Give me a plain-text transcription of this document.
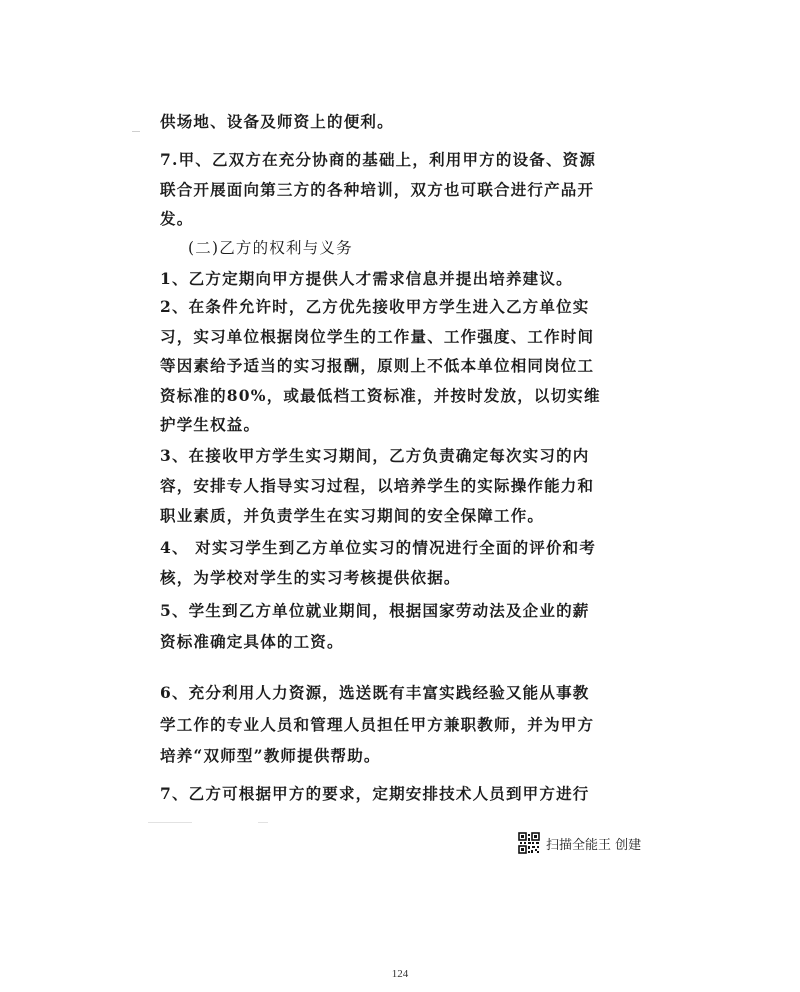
供场地、设备及师资上的便利。
7.甲、乙双方在充分协商的基础上，利用甲方的设备、资源
联合开展面向第三方的各种培训，双方也可联合进行产品开
发。
(二)乙方的权利与义务
1、乙方定期向甲方提供人才需求信息并提出培养建议。
2、在条件允许时，乙方优先接收甲方学生进入乙方单位实
习，实习单位根据岗位学生的工作量、工作强度、工作时间
等因素给予适当的实习报酬，原则上不低本单位相同岗位工
资标准的80%，或最低档工资标准，并按时发放，以切实维
护学生权益。
3、在接收甲方学生实习期间，乙方负责确定每次实习的内
容，安排专人指导实习过程，以培养学生的实际操作能力和
职业素质，并负责学生在实习期间的安全保障工作。
4、 对实习学生到乙方单位实习的情况进行全面的评价和考
核，为学校对学生的实习考核提供依据。
5、学生到乙方单位就业期间，根据国家劳动法及企业的薪
资标准确定具体的工资。
6、充分利用人力资源，选送既有丰富实践经验又能从事教
学工作的专业人员和管理人员担任甲方兼职教师，并为甲方
培养“双师型”教师提供帮助。
7、乙方可根据甲方的要求，定期安排技术人员到甲方进行
扫描全能王 创建
124
